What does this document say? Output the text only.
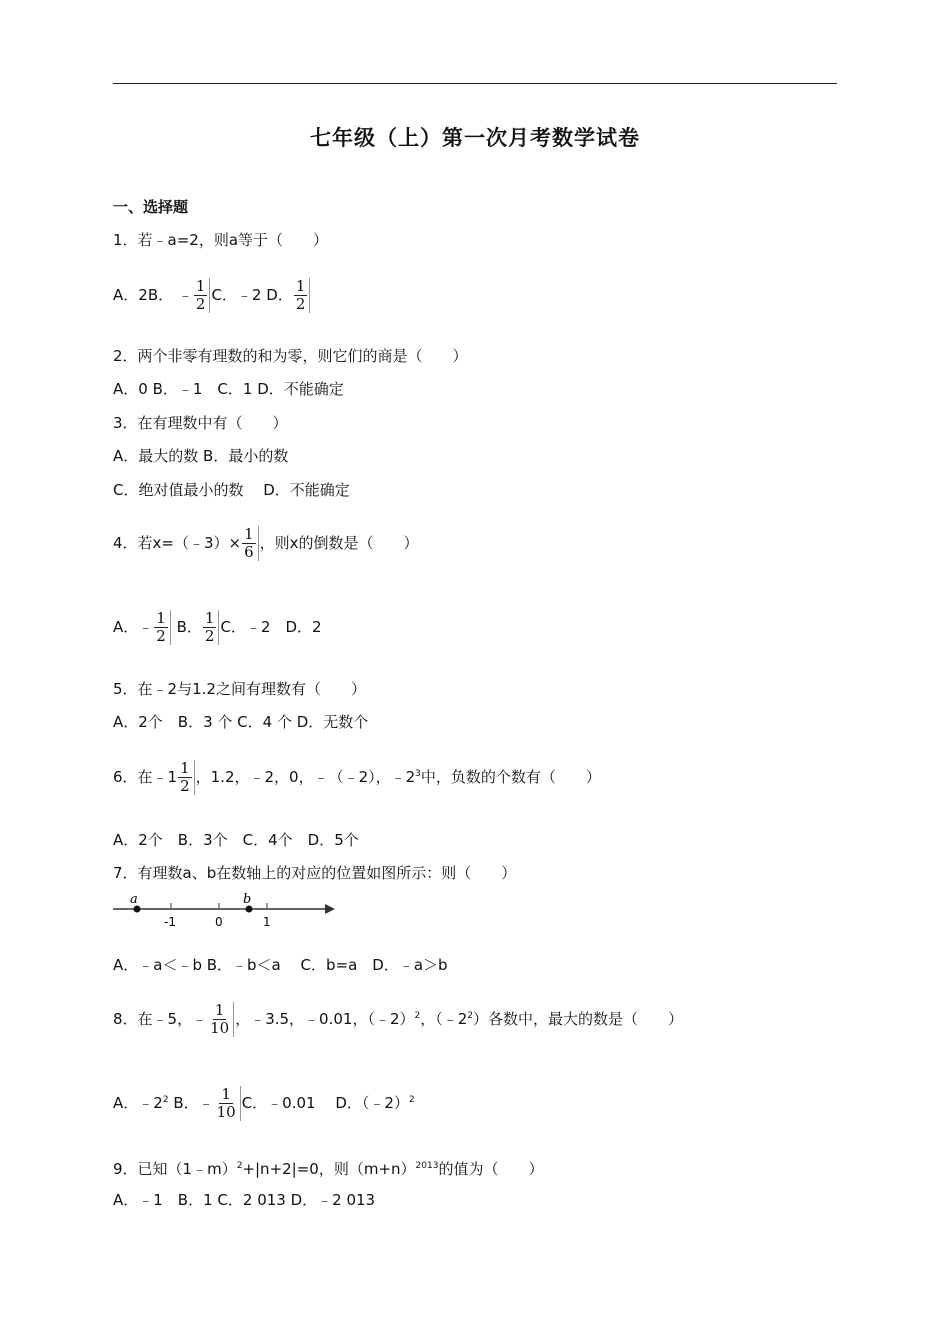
七年级（上）第一次月考数学试卷
一、选择题
1．若﹣a=2，则a等于（　　）
A．2B． ﹣ $\frac{1}{2}$ C．﹣2 D． $\frac{1}{2}$
2．两个非零有理数的和为零，则它们的商是（　　）
A．0 B．﹣1　C．1 D．不能确定
3．在有理数中有（　　）
A．最大的数 B．最小的数
C．绝对值最小的数　 D．不能确定
4．若x=（﹣3）× $\frac{1}{6}$ ，则x的倒数是（　　）
A．﹣ $\frac{1}{2}$ B． $\frac{1}{2}$ C．﹣2　D．2
5．在﹣2与1.2之间有理数有（　　）
A．2个　B．3 个 C．4 个 D．无数个
6．在﹣1 $\frac{1}{2}$ ，1.2，﹣2，0，﹣（﹣2），$﹣2^3$中，负数的个数有（　　）
A．2个　B．3个　C．4个　D．5个
7．有理数a、b在数轴上的对应的位置如图所示：则（　　）
a	b
-1	0	1
A．﹣a＜﹣b B．﹣b＜a　 C．b=a　D．﹣a＞b
8．在﹣5，﹣ $\frac{1}{10}$ ，﹣3.5，﹣0.01，（﹣2）$^2$，$(﹣2^2)$各数中，最大的数是（　　）
A．$﹣2^2$ B．﹣ $\frac{1}{10}$ C．﹣0.01　 D．（﹣2）$^2$
9．已知（1﹣m）$^2$+|n+2|=0，则$(m+n)^{2013}$的值为（　　）
A．﹣1　B．1 C．2 013 D．﹣2 013
